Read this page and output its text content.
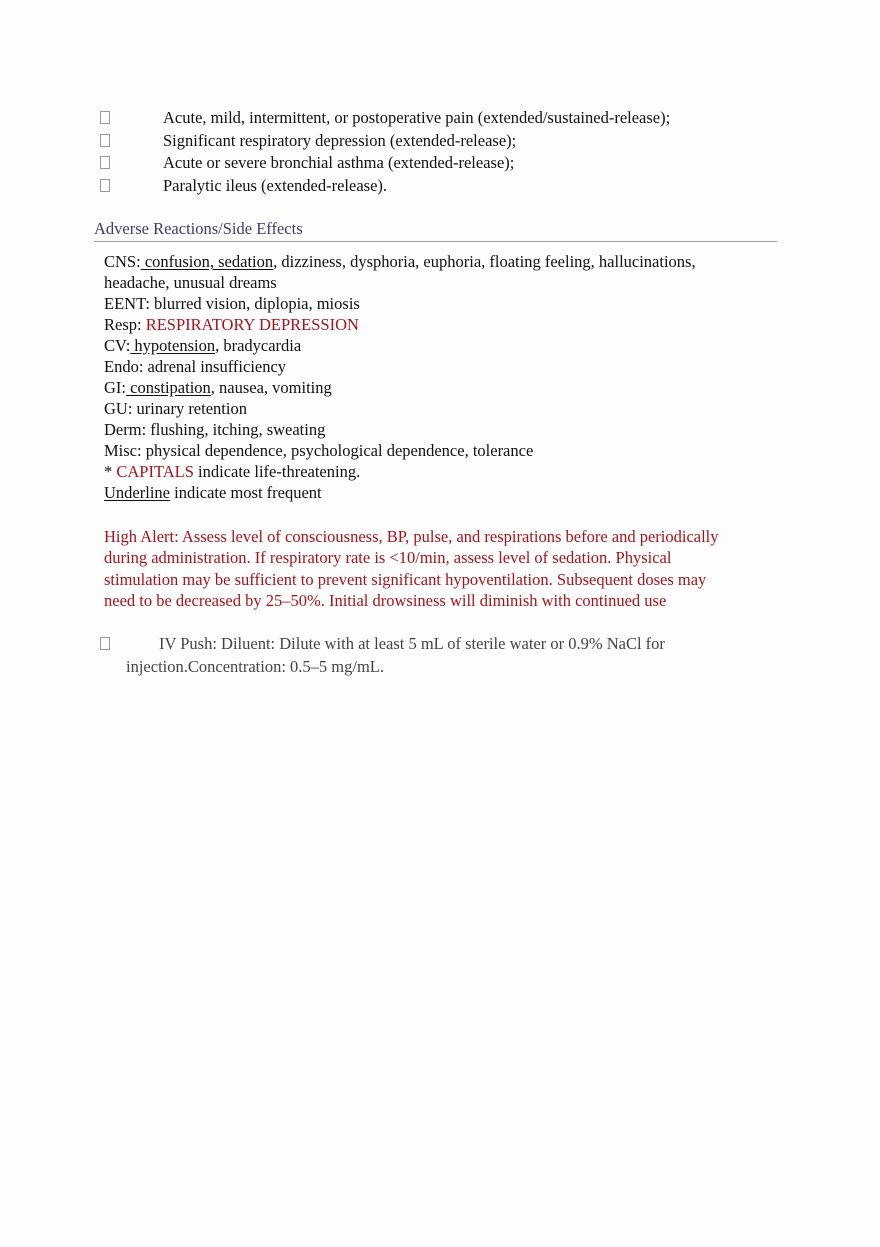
Acute, mild, intermittent, or postoperative pain (extended/sustained-release);
Significant respiratory depression (extended-release);
Acute or severe bronchial asthma (extended-release);
Paralytic ileus (extended-release).
Adverse Reactions/Side Effects
CNS: confusion, sedation, dizziness, dysphoria, euphoria, floating feeling, hallucinations,
headache, unusual dreams
EENT: blurred vision, diplopia, miosis
Resp: RESPIRATORY DEPRESSION
CV: hypotension, bradycardia
Endo: adrenal insufficiency
GI: constipation, nausea, vomiting
GU: urinary retention
Derm: flushing, itching, sweating
Misc: physical dependence, psychological dependence, tolerance
* CAPITALS indicate life-threatening.
Underline indicate most frequent
High Alert: Assess level of consciousness, BP, pulse, and respirations before and periodically
during administration. If respiratory rate is <10/min, assess level of sedation. Physical
stimulation may be sufficient to prevent significant hypoventilation. Subsequent doses may
need to be decreased by 25–50%. Initial drowsiness will diminish with continued use
IV Push: Diluent: Dilute with at least 5 mL of sterile water or 0.9% NaCl for
injection.Concentration: 0.5–5 mg/mL.
